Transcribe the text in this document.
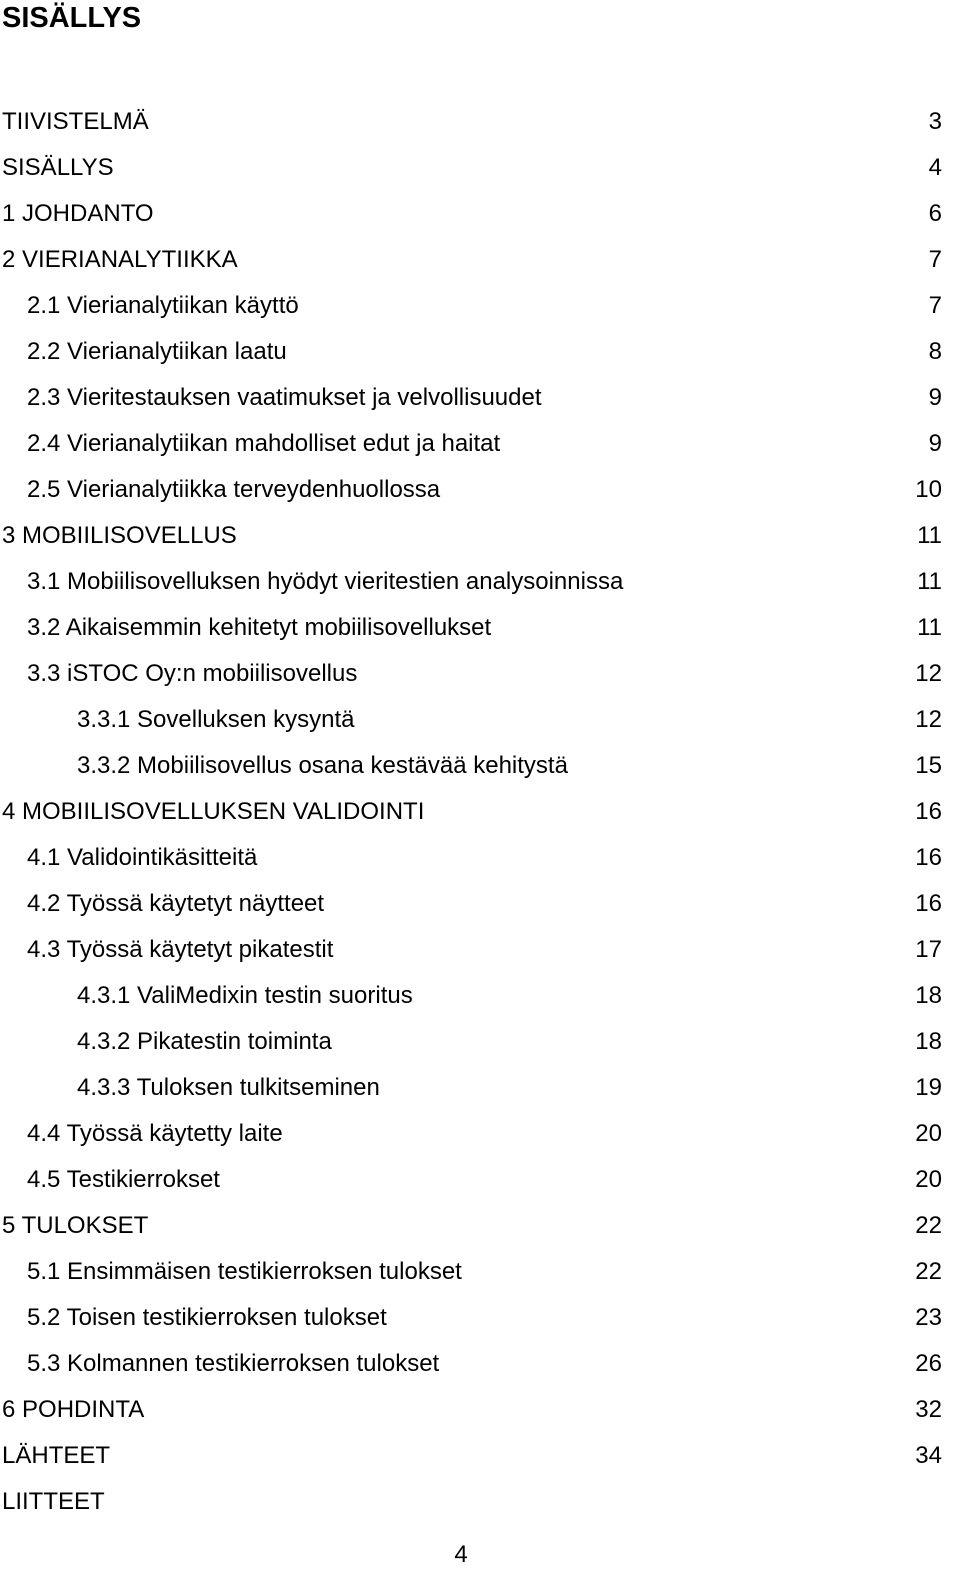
SISÄLLYS
TIIVISTELMÄ	3
SISÄLLYS	4
1 JOHDANTO	6
2 VIERIANALYTIIKKA	7
2.1 Vierianalytiikan käyttö	7
2.2 Vierianalytiikan laatu	8
2.3 Vieritestauksen vaatimukset ja velvollisuudet	9
2.4 Vierianalytiikan mahdolliset edut ja haitat	9
2.5 Vierianalytiikka terveydenhuollossa	10
3 MOBIILISOVELLUS	11
3.1 Mobiilisovelluksen hyödyt vieritestien analysoinnissa	11
3.2 Aikaisemmin kehitetyt mobiilisovellukset	11
3.3 iSTOC Oy:n mobiilisovellus	12
3.3.1 Sovelluksen kysyntä	12
3.3.2 Mobiilisovellus osana kestävää kehitystä	15
4 MOBIILISOVELLUKSEN VALIDOINTI	16
4.1 Validointikäsitteitä	16
4.2 Työssä käytetyt näytteet	16
4.3 Työssä käytetyt pikatestit	17
4.3.1 ValiMedixin testin suoritus	18
4.3.2 Pikatestin toiminta	18
4.3.3 Tuloksen tulkitseminen	19
4.4 Työssä käytetty laite	20
4.5 Testikierrokset	20
5 TULOKSET	22
5.1 Ensimmäisen testikierroksen tulokset	22
5.2 Toisen testikierroksen tulokset	23
5.3 Kolmannen testikierroksen tulokset	26
6 POHDINTA	32
LÄHTEET	34
LIITTEET
4
